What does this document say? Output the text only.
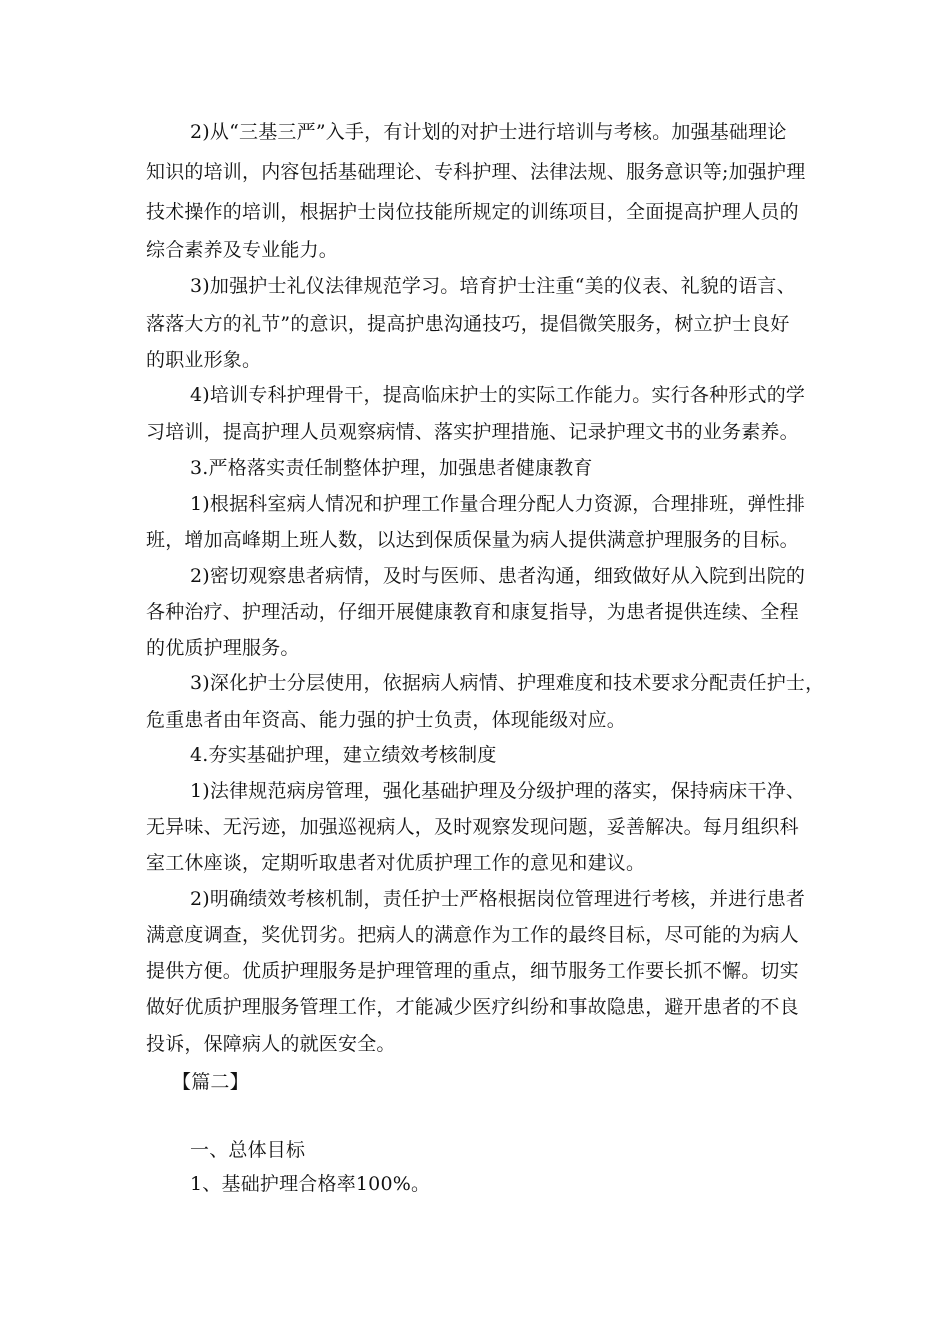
2)从“三基三严”入手，有计划的对护士进行培训与考核。加强基础理论
知识的培训，内容包括基础理论、专科护理、法律法规、服务意识等;加强护理
技术操作的培训，根据护士岗位技能所规定的训练项目，全面提高护理人员的
综合素养及专业能力。
3)加强护士礼仪法律规范学习。培育护士注重“美的仪表、礼貌的语言、
落落大方的礼节”的意识，提高护患沟通技巧，提倡微笑服务，树立护士良好
的职业形象。
4)培训专科护理骨干，提高临床护士的实际工作能力。实行各种形式的学
习培训，提高护理人员观察病情、落实护理措施、记录护理文书的业务素养。
3.严格落实责任制整体护理，加强患者健康教育
1)根据科室病人情况和护理工作量合理分配人力资源，合理排班，弹性排
班，增加高峰期上班人数，以达到保质保量为病人提供满意护理服务的目标。
2)密切观察患者病情，及时与医师、患者沟通，细致做好从入院到出院的
各种治疗、护理活动，仔细开展健康教育和康复指导，为患者提供连续、全程
的优质护理服务。
3)深化护士分层使用，依据病人病情、护理难度和技术要求分配责任护士，
危重患者由年资高、能力强的护士负责，体现能级对应。
4.夯实基础护理，建立绩效考核制度
1)法律规范病房管理，强化基础护理及分级护理的落实，保持病床干净、
无异味、无污迹，加强巡视病人，及时观察发现问题，妥善解决。每月组织科
室工休座谈，定期听取患者对优质护理工作的意见和建议。
2)明确绩效考核机制，责任护士严格根据岗位管理进行考核，并进行患者
满意度调查，奖优罚劣。把病人的满意作为工作的最终目标，尽可能的为病人
提供方便。优质护理服务是护理管理的重点，细节服务工作要长抓不懈。切实
做好优质护理服务管理工作，才能减少医疗纠纷和事故隐患，避开患者的不良
投诉，保障病人的就医安全。
【篇二】
一、总体目标
1、基础护理合格率100%。
